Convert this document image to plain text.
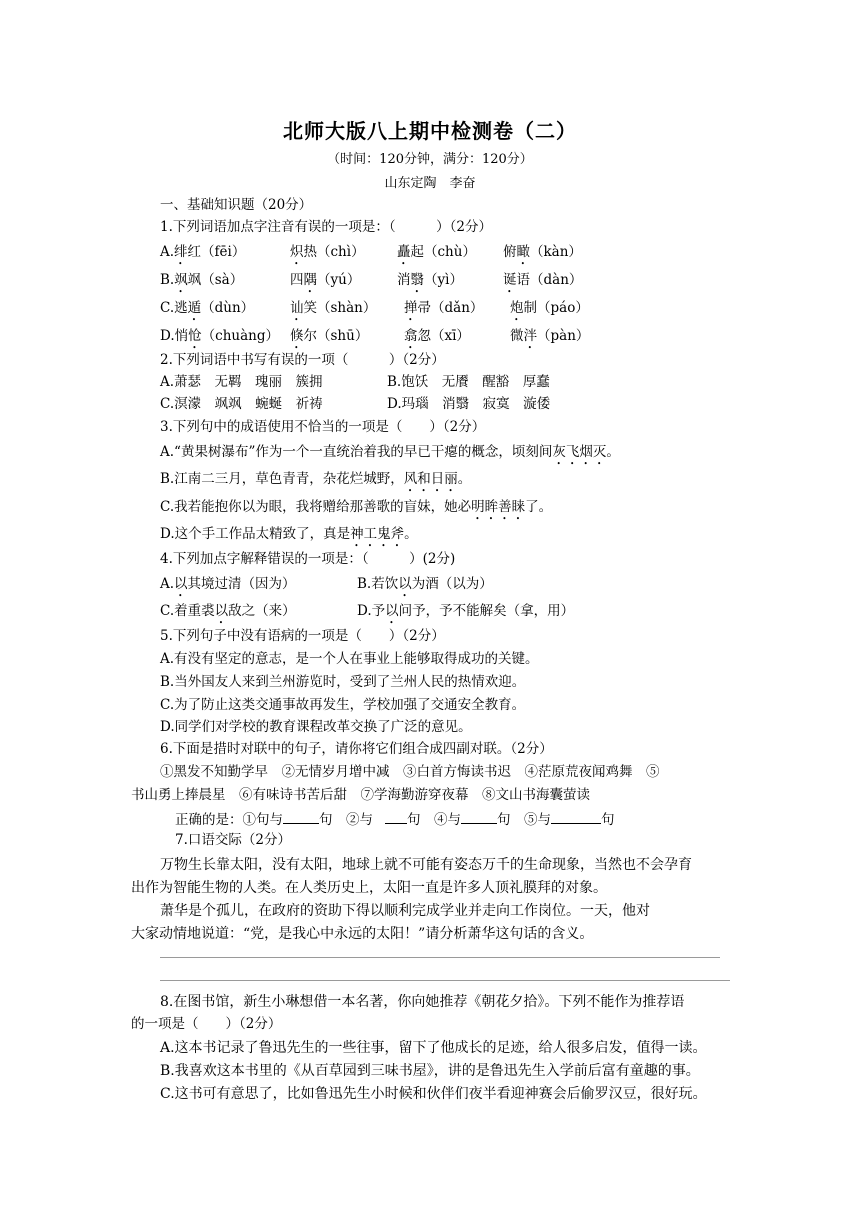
北师大版八上期中检测卷（二）
（时间：120分钟，满分：120分）
山东定陶　李奋
一、基础知识题（20分）
1.下列词语加点字注音有误的一项是：（　　　）（2分）
A.绯红（fēi）	炽热（chì） 矗起（chù） 俯瞰（kàn）
B.飒飒（sà）	四隅（yú）	消翳（yì）	诞语（dàn）
C.逃遁（dùn）	讪笑（shàn） 掸帚（dǎn） 炮制（páo）
D.悄怆（chuàng） 倏尔（shū）	翕忽（xī）	微泮（pàn）
2.下列词语中书写有误的一项（　　　）（2分）
A.萧瑟　无羁　瑰丽　簇拥	B.饱饫　无餍　醒豁　厚蠢
C.溟濛　飒飒　蜿蜒　祈祷	D.玛瑙　消翳　寂寞　漩倭
3.下列句中的成语使用不恰当的一项是（　　）（2分）
A.“黄果树瀑布”作为一个一直统治着我的早已干瘪的概念，顷刻间灰飞烟灭。
B.江南二三月，草色青青，杂花烂城野，风和日丽。
C.我若能抱你以为眼，我将赠给那善歌的盲妹，她必明眸善睐了。
D.这个手工作品太精致了，真是神工鬼斧。
4.下列加点字解释错误的一项是：（　　　）(2分)
A.以其境过清（因为）	B.若饮以为酒（以为）
C.着重裘以敌之（来）	D.予以问予，予不能解矣（拿，用）
5.下列句子中没有语病的一项是（　　）（2分）
A.有没有坚定的意志，是一个人在事业上能够取得成功的关键。
B.当外国友人来到兰州游览时，受到了兰州人民的热情欢迎。
C.为了防止这类交通事故再发生，学校加强了交通安全教育。
D.同学们对学校的教育课程改革交换了广泛的意见。
6.下面是措时对联中的句子，请你将它们组合成四副对联。（2分）
①黑发不知勤学早　②无情岁月增中减　③白首方悔读书迟　④茫原荒夜闻鸡舞　⑤
书山勇上捧晨星　⑥有味诗书苦后甜　⑦学海勤游穿夜幕　⑧文山书海囊萤读
正确的是：①句与	句　②与	句　④与	句　⑤与	句
7.口语交际（2分）
万物生长靠太阳，没有太阳，地球上就不可能有姿态万千的生命现象，当然也不会孕育
出作为智能生物的人类。在人类历史上，太阳一直是许多人顶礼膜拜的对象。
萧华是个孤儿，在政府的资助下得以顺利完成学业并走向工作岗位。一天，他对
大家动情地说道：“党，是我心中永远的太阳！”请分析萧华这句话的含义。
8.在图书馆，新生小琳想借一本名著，你向她推荐《朝花夕拾》。下列不能作为推荐语
的一项是（　　）（2分）
A.这本书记录了鲁迅先生的一些往事，留下了他成长的足迹，给人很多启发，值得一读。
B.我喜欢这本书里的《从百草园到三味书屋》，讲的是鲁迅先生入学前后富有童趣的事。
C.这书可有意思了，比如鲁迅先生小时候和伙伴们夜半看迎神赛会后偷罗汉豆，很好玩。
